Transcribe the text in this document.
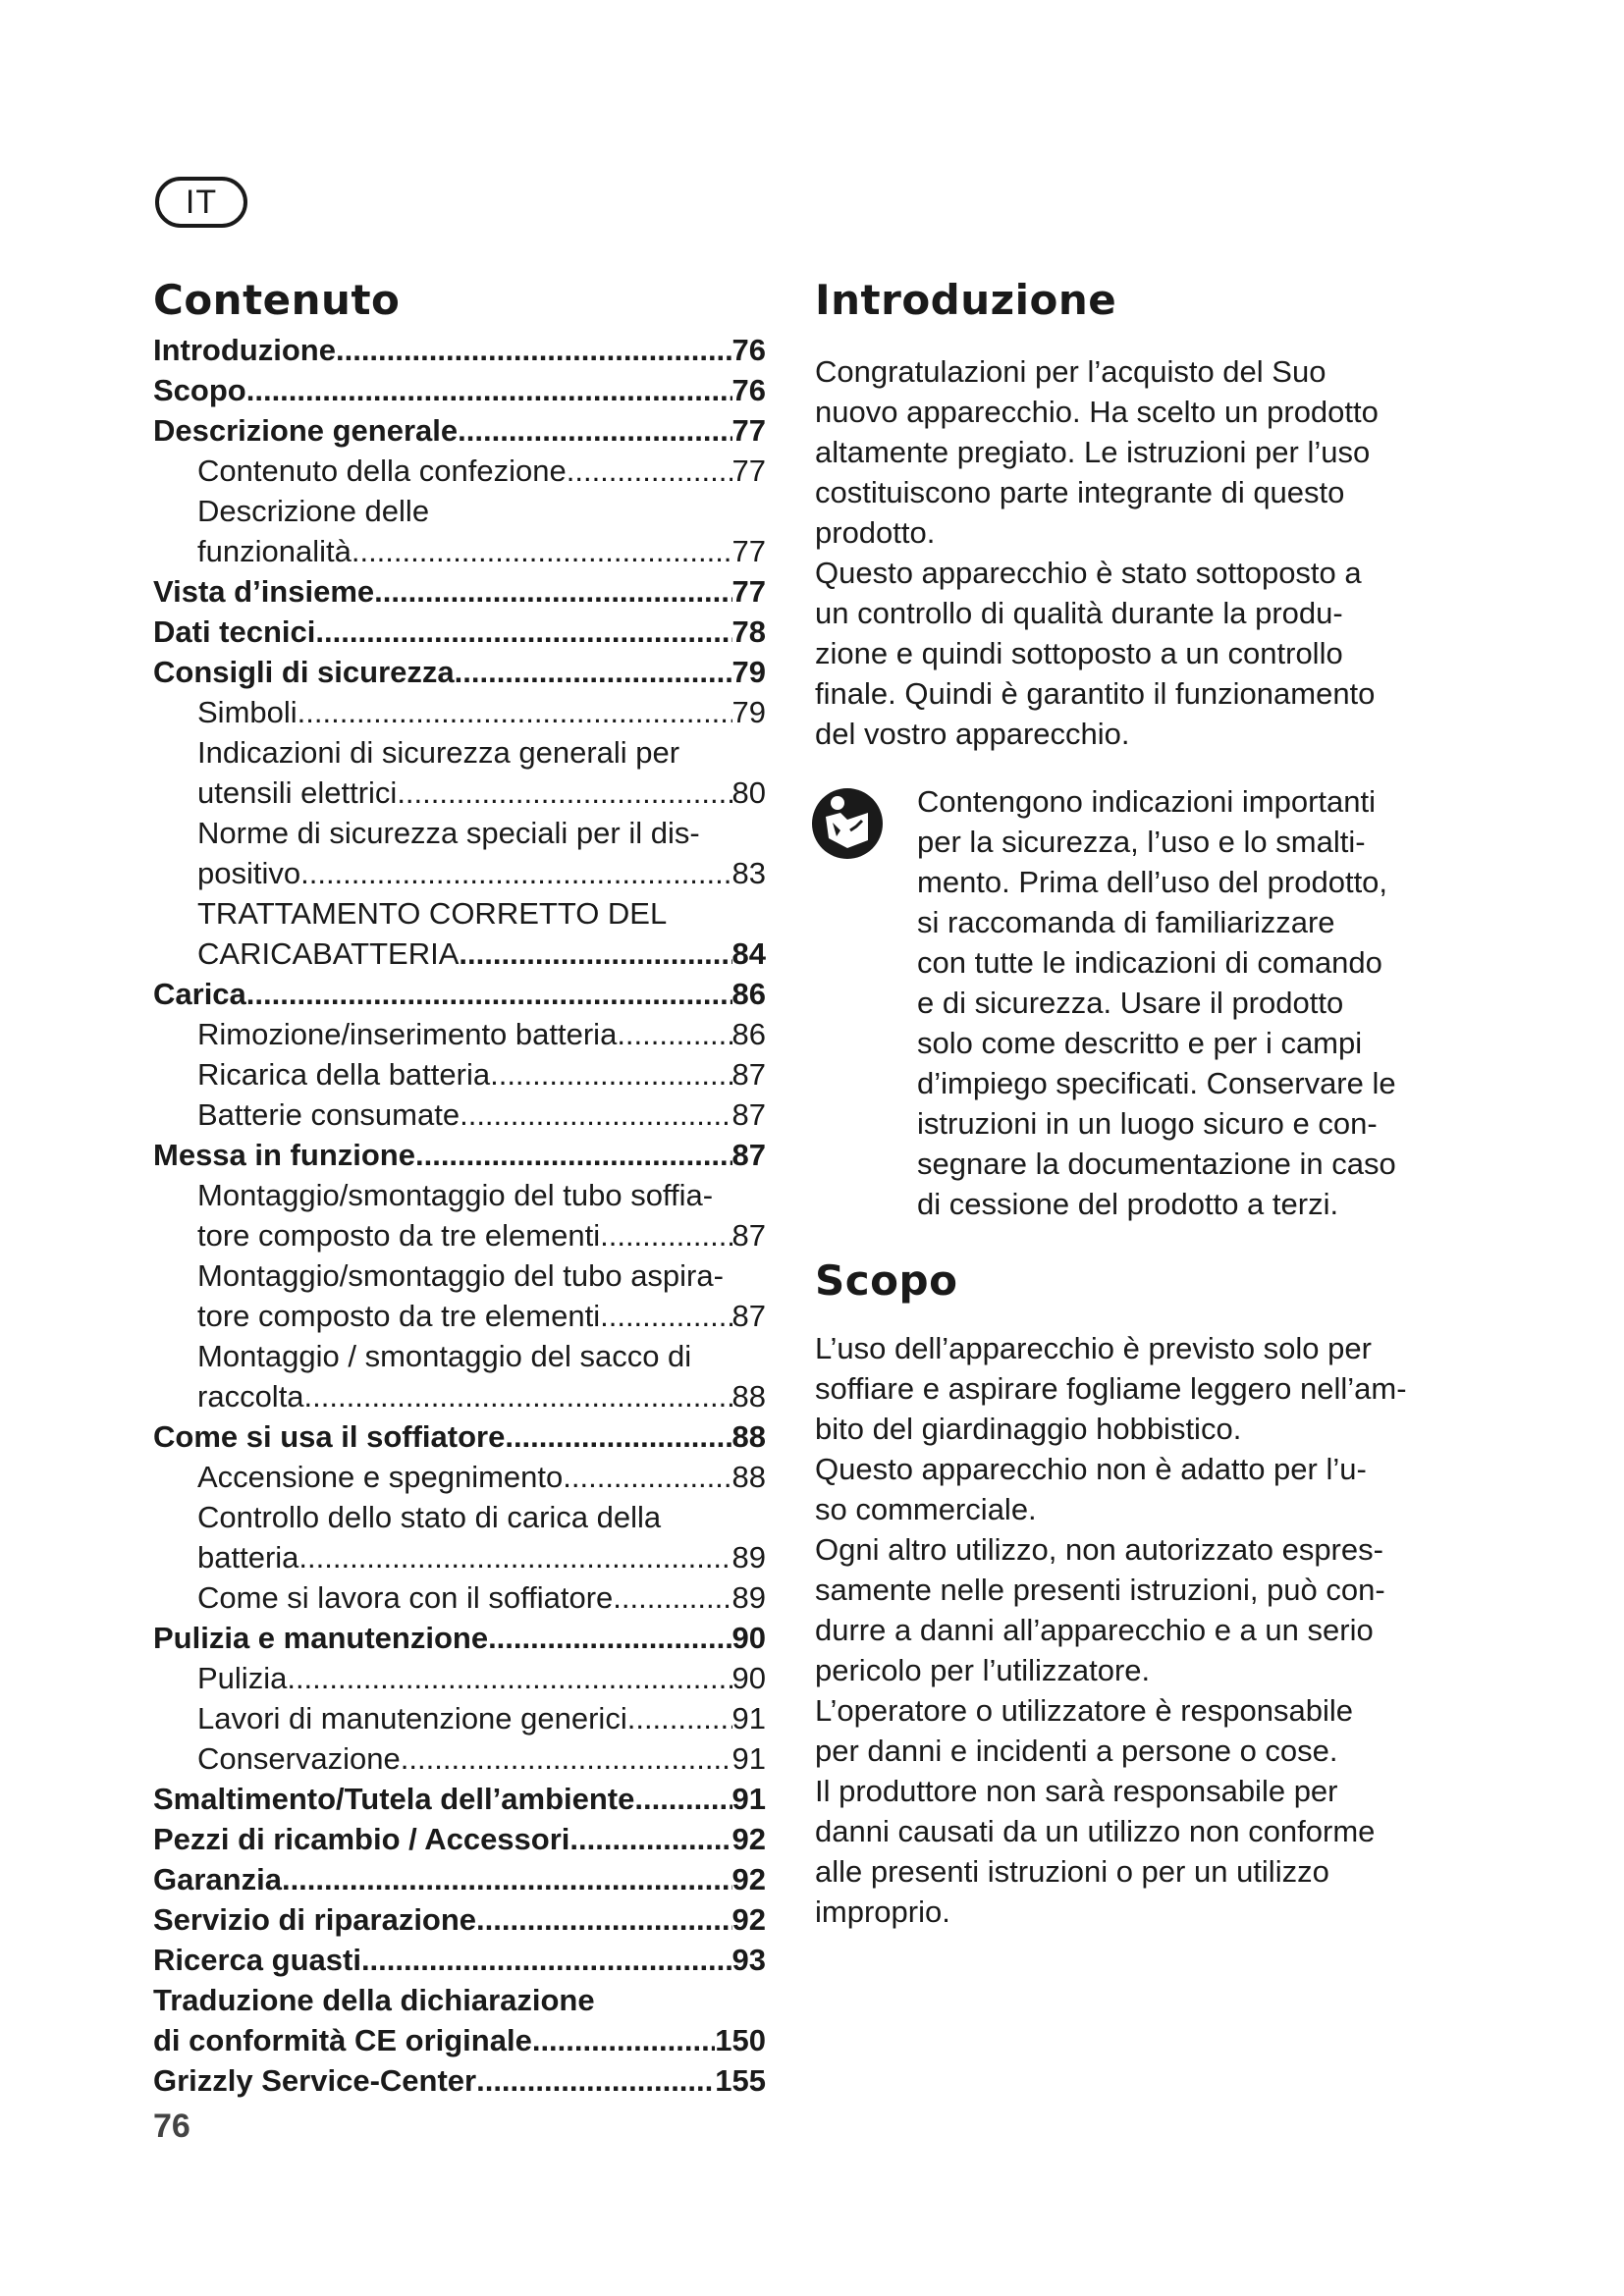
IT
Contenuto
Introduzione .....	76
Scopo .....	76
Descrizione generale .....	77
Contenuto della confezione .....	77
Descrizione delle
funzionalità .....	77
Vista d’insieme .....	77
Dati tecnici .....	78
Consigli di sicurezza .....	79
Simboli .....	79
Indicazioni di sicurezza generali per
utensili elettrici .....	80
Norme di sicurezza speciali per il dis-
positivo .....	83
TRATTAMENTO CORRETTO DEL
CARICABATTERIA .....	84
Carica .....	86
Rimozione/inserimento batteria .....	86
Ricarica della batteria .....	87
Batterie consumate .....	87
Messa in funzione .....	87
Montaggio/smontaggio del tubo soffia-
tore composto da tre elementi .....	87
Montaggio/smontaggio del tubo aspira-
tore composto da tre elementi .....	87
Montaggio / smontaggio del sacco di
raccolta .....	88
Come si usa il soffiatore .....	88
Accensione e spegnimento .....	88
Controllo dello stato di carica della
batteria .....	89
Come si lavora con il soffiatore .....	89
Pulizia e manutenzione .....	90
Pulizia .....	90
Lavori di manutenzione generici .....	91
Conservazione .....	91
Smaltimento/Tutela dell’ambiente .....	91
Pezzi di ricambio / Accessori .....	92
Garanzia .....	92
Servizio di riparazione .....	92
Ricerca guasti .....	93
Traduzione della dichiarazione
di conformità CE originale .....	150
Grizzly Service-Center .....	155
76
Introduzione
Congratulazioni per l’acquisto del Suo
nuovo apparecchio. Ha scelto un prodotto
altamente pregiato. Le istruzioni per l’uso
costituiscono parte integrante di questo
prodotto.
Questo apparecchio è stato sottoposto a
un controllo di qualità durante la produ-
zione e quindi sottoposto a un controllo
finale. Quindi è garantito il funzionamento
del vostro apparecchio.
Contengono indicazioni importanti
per la sicurezza, l’uso e lo smalti-
mento. Prima dell’uso del prodotto,
si raccomanda di familiarizzare
con tutte le indicazioni di comando
e di sicurezza. Usare il prodotto
solo come descritto e per i campi
d’impiego specificati. Conservare le
istruzioni in un luogo sicuro e con-
segnare la documentazione in caso
di cessione del prodotto a terzi.
Scopo
L’uso dell’apparecchio è previsto solo per
soffiare e aspirare fogliame leggero nell’am-
bito del giardinaggio hobbistico.
Questo apparecchio non è adatto per l’u-
so commerciale.
Ogni altro utilizzo, non autorizzato espres-
samente nelle presenti istruzioni, può con-
durre a danni all’apparecchio e a un serio
pericolo per l’utilizzatore.
L’operatore o utilizzatore è responsabile
per danni e incidenti a persone o cose.
Il produttore non sarà responsabile per
danni causati da un utilizzo non conforme
alle presenti istruzioni o per un utilizzo
improprio.
